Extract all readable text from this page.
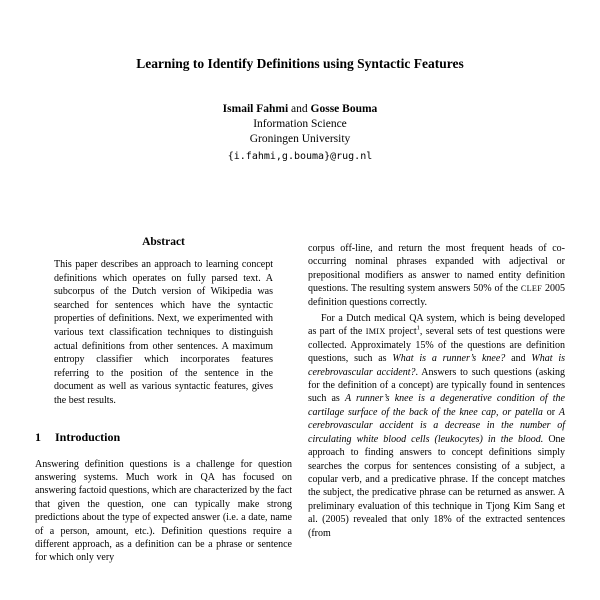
Learning to Identify Definitions using Syntactic Features
Ismail Fahmi and Gosse Bouma
Information Science
Groningen University
{i.fahmi,g.bouma}@rug.nl
Abstract

This paper describes an approach to learning concept definitions which operates on fully parsed text. A subcorpus of the Dutch version of Wikipedia was searched for sentences which have the syntactic properties of definitions. Next, we experimented with various text classification techniques to distinguish actual definitions from other sentences. A maximum entropy classifier which incorporates features referring to the position of the sentence in the document as well as various syntactic features, gives the best results.

1 Introduction

Answering definition questions is a challenge for question answering systems. Much work in QA has focused on answering factoid questions, which are characterized by the fact that given the question, one can typically make strong predictions about the type of expected answer (i.e. a date, name of a person, amount, etc.). Definition questions require a different approach, as a definition can be a phrase or sentence for which only very

corpus off-line, and return the most frequent heads of co-occurring nominal phrases expanded with adjectival or prepositional modifiers as answer to named entity definition questions. The resulting system answers 50% of the CLEF 2005 definition questions correctly.

For a Dutch medical QA system, which is being developed as part of the IMIX project$^1$, several sets of test questions were collected. Approximately 15% of the questions are definition questions, such as What is a runner’s knee? and What is cerebrovascular accident?. Answers to such questions (asking for the definition of a concept) are typically found in sentences such as A runner’s knee is a degenerative condition of the cartilage surface of the back of the knee cap, or patella or A cerebrovascular accident is a decrease in the number of circulating white blood cells (leukocytes) in the blood. One approach to finding answers to concept definitions simply searches the corpus for sentences consisting of a subject, a copular verb, and a predicative phrase. If the concept matches the subject, the predicative phrase can be returned as answer. A preliminary evaluation of this technique in Tjong Kim Sang et al. (2005) revealed that only 18% of the extracted sentences (from
